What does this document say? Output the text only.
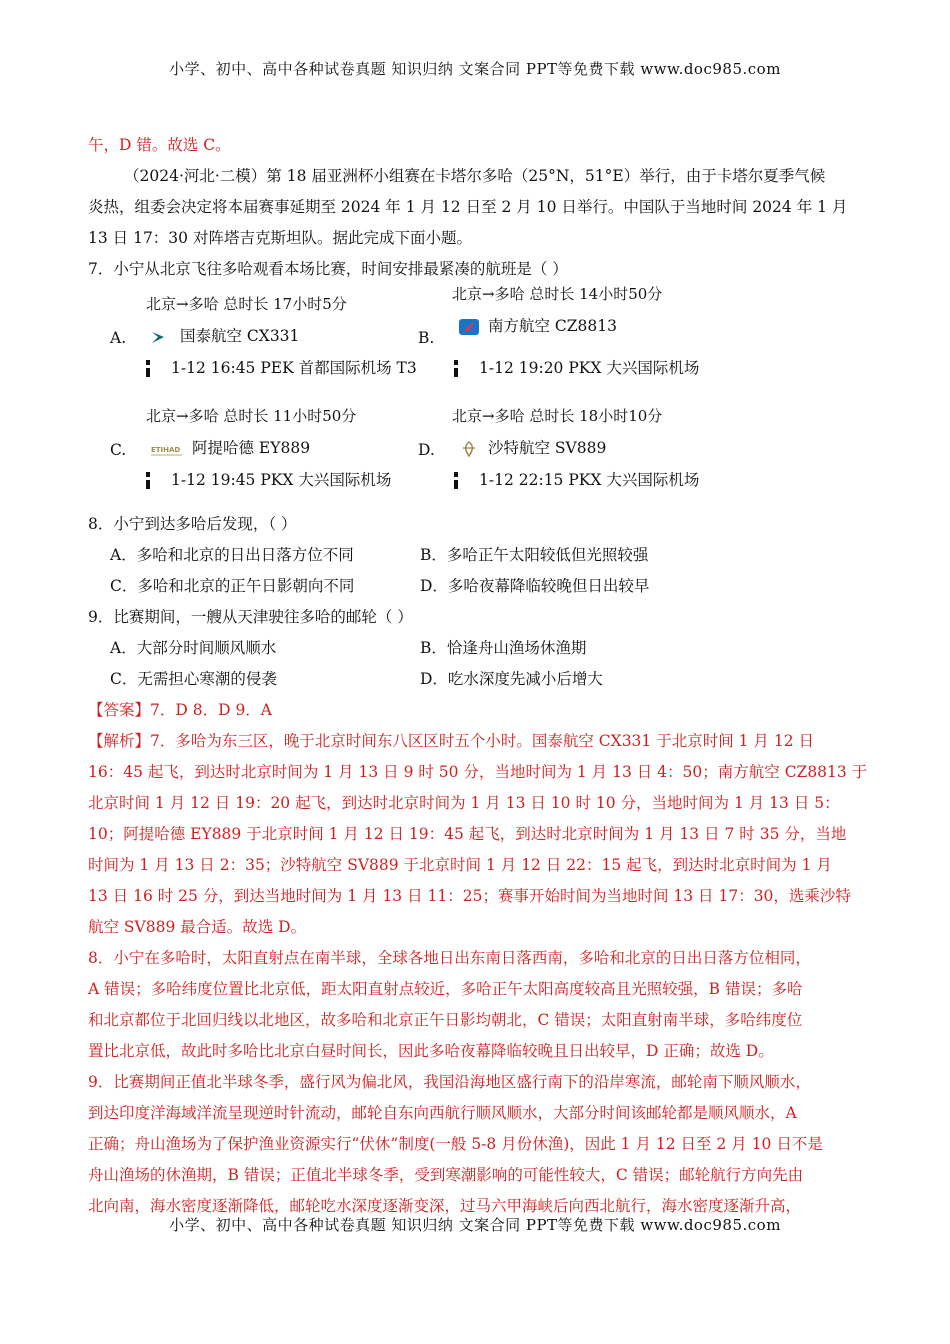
小学、初中、高中各种试卷真题 知识归纳 文案合同 PPT等免费下载 www.doc985.com
午，D 错。故选 C。
（2024·河北·二模）第 18 届亚洲杯小组赛在卡塔尔多哈（25°N，51°E）举行，由于卡塔尔夏季气候
炎热，组委会决定将本届赛事延期至 2024 年 1 月 12 日至 2 月 10 日举行。中国队于当地时间 2024 年 1 月
13 日 17：30 对阵塔吉克斯坦队。据此完成下面小题。
7．小宁从北京飞往多哈观看本场比赛，时间安排最紧凑的航班是（ ）
A.
北京→多哈 总时长 17小时5分
国泰航空 CX331
1-12 16:45 PEK 首都国际机场 T3
B.
北京→多哈 总时长 14小时50分
南方航空 CZ8813
1-12 19:20 PKX 大兴国际机场
C.
北京→多哈 总时长 11小时50分
ETIHAD 阿提哈德 EY889
1-12 19:45 PKX 大兴国际机场
D.
北京→多哈 总时长 18小时10分
沙特航空 SV889
1-12 22:15 PKX 大兴国际机场
8．小宁到达多哈后发现，（ ）
A．多哈和北京的日出日落方位不同	B．多哈正午太阳较低但光照较强
C．多哈和北京的正午日影朝向不同	D．多哈夜幕降临较晚但日出较早
9．比赛期间，一艘从天津驶往多哈的邮轮（ ）
A．大部分时间顺风顺水	B．恰逢舟山渔场休渔期
C．无需担心寒潮的侵袭	D．吃水深度先减小后增大
【答案】7．D 8．D 9．A
【解析】7．多哈为东三区，晚于北京时间东八区区时五个小时。国泰航空 CX331 于北京时间 1 月 12 日
16：45 起飞，到达时北京时间为 1 月 13 日 9 时 50 分，当地时间为 1 月 13 日 4：50；南方航空 CZ8813 于
北京时间 1 月 12 日 19：20 起飞，到达时北京时间为 1 月 13 日 10 时 10 分，当地时间为 1 月 13 日 5：
10；阿提哈德 EY889 于北京时间 1 月 12 日 19：45 起飞，到达时北京时间为 1 月 13 日 7 时 35 分，当地
时间为 1 月 13 日 2：35；沙特航空 SV889 于北京时间 1 月 12 日 22：15 起飞，到达时北京时间为 1 月
13 日 16 时 25 分，到达当地时间为 1 月 13 日 11：25；赛事开始时间为当地时间 13 日 17：30，选乘沙特
航空 SV889 最合适。故选 D。
8．小宁在多哈时，太阳直射点在南半球，全球各地日出东南日落西南，多哈和北京的日出日落方位相同，
A 错误；多哈纬度位置比北京低，距太阳直射点较近，多哈正午太阳高度较高且光照较强，B 错误；多哈
和北京都位于北回归线以北地区，故多哈和北京正午日影均朝北，C 错误；太阳直射南半球，多哈纬度位
置比北京低，故此时多哈比北京白昼时间长，因此多哈夜幕降临较晚且日出较早，D 正确；故选 D。
9．比赛期间正值北半球冬季，盛行风为偏北风，我国沿海地区盛行南下的沿岸寒流，邮轮南下顺风顺水，
到达印度洋海域洋流呈现逆时针流动，邮轮自东向西航行顺风顺水，大部分时间该邮轮都是顺风顺水，A
正确；舟山渔场为了保护渔业资源实行“伏休”制度(一般 5-8 月份休渔)，因此 1 月 12 日至 2 月 10 日不是
舟山渔场的休渔期，B 错误；正值北半球冬季，受到寒潮影响的可能性较大，C 错误；邮轮航行方向先由
北向南，海水密度逐渐降低，邮轮吃水深度逐渐变深，过马六甲海峡后向西北航行，海水密度逐渐升高，
小学、初中、高中各种试卷真题 知识归纳 文案合同 PPT等免费下载 www.doc985.com
